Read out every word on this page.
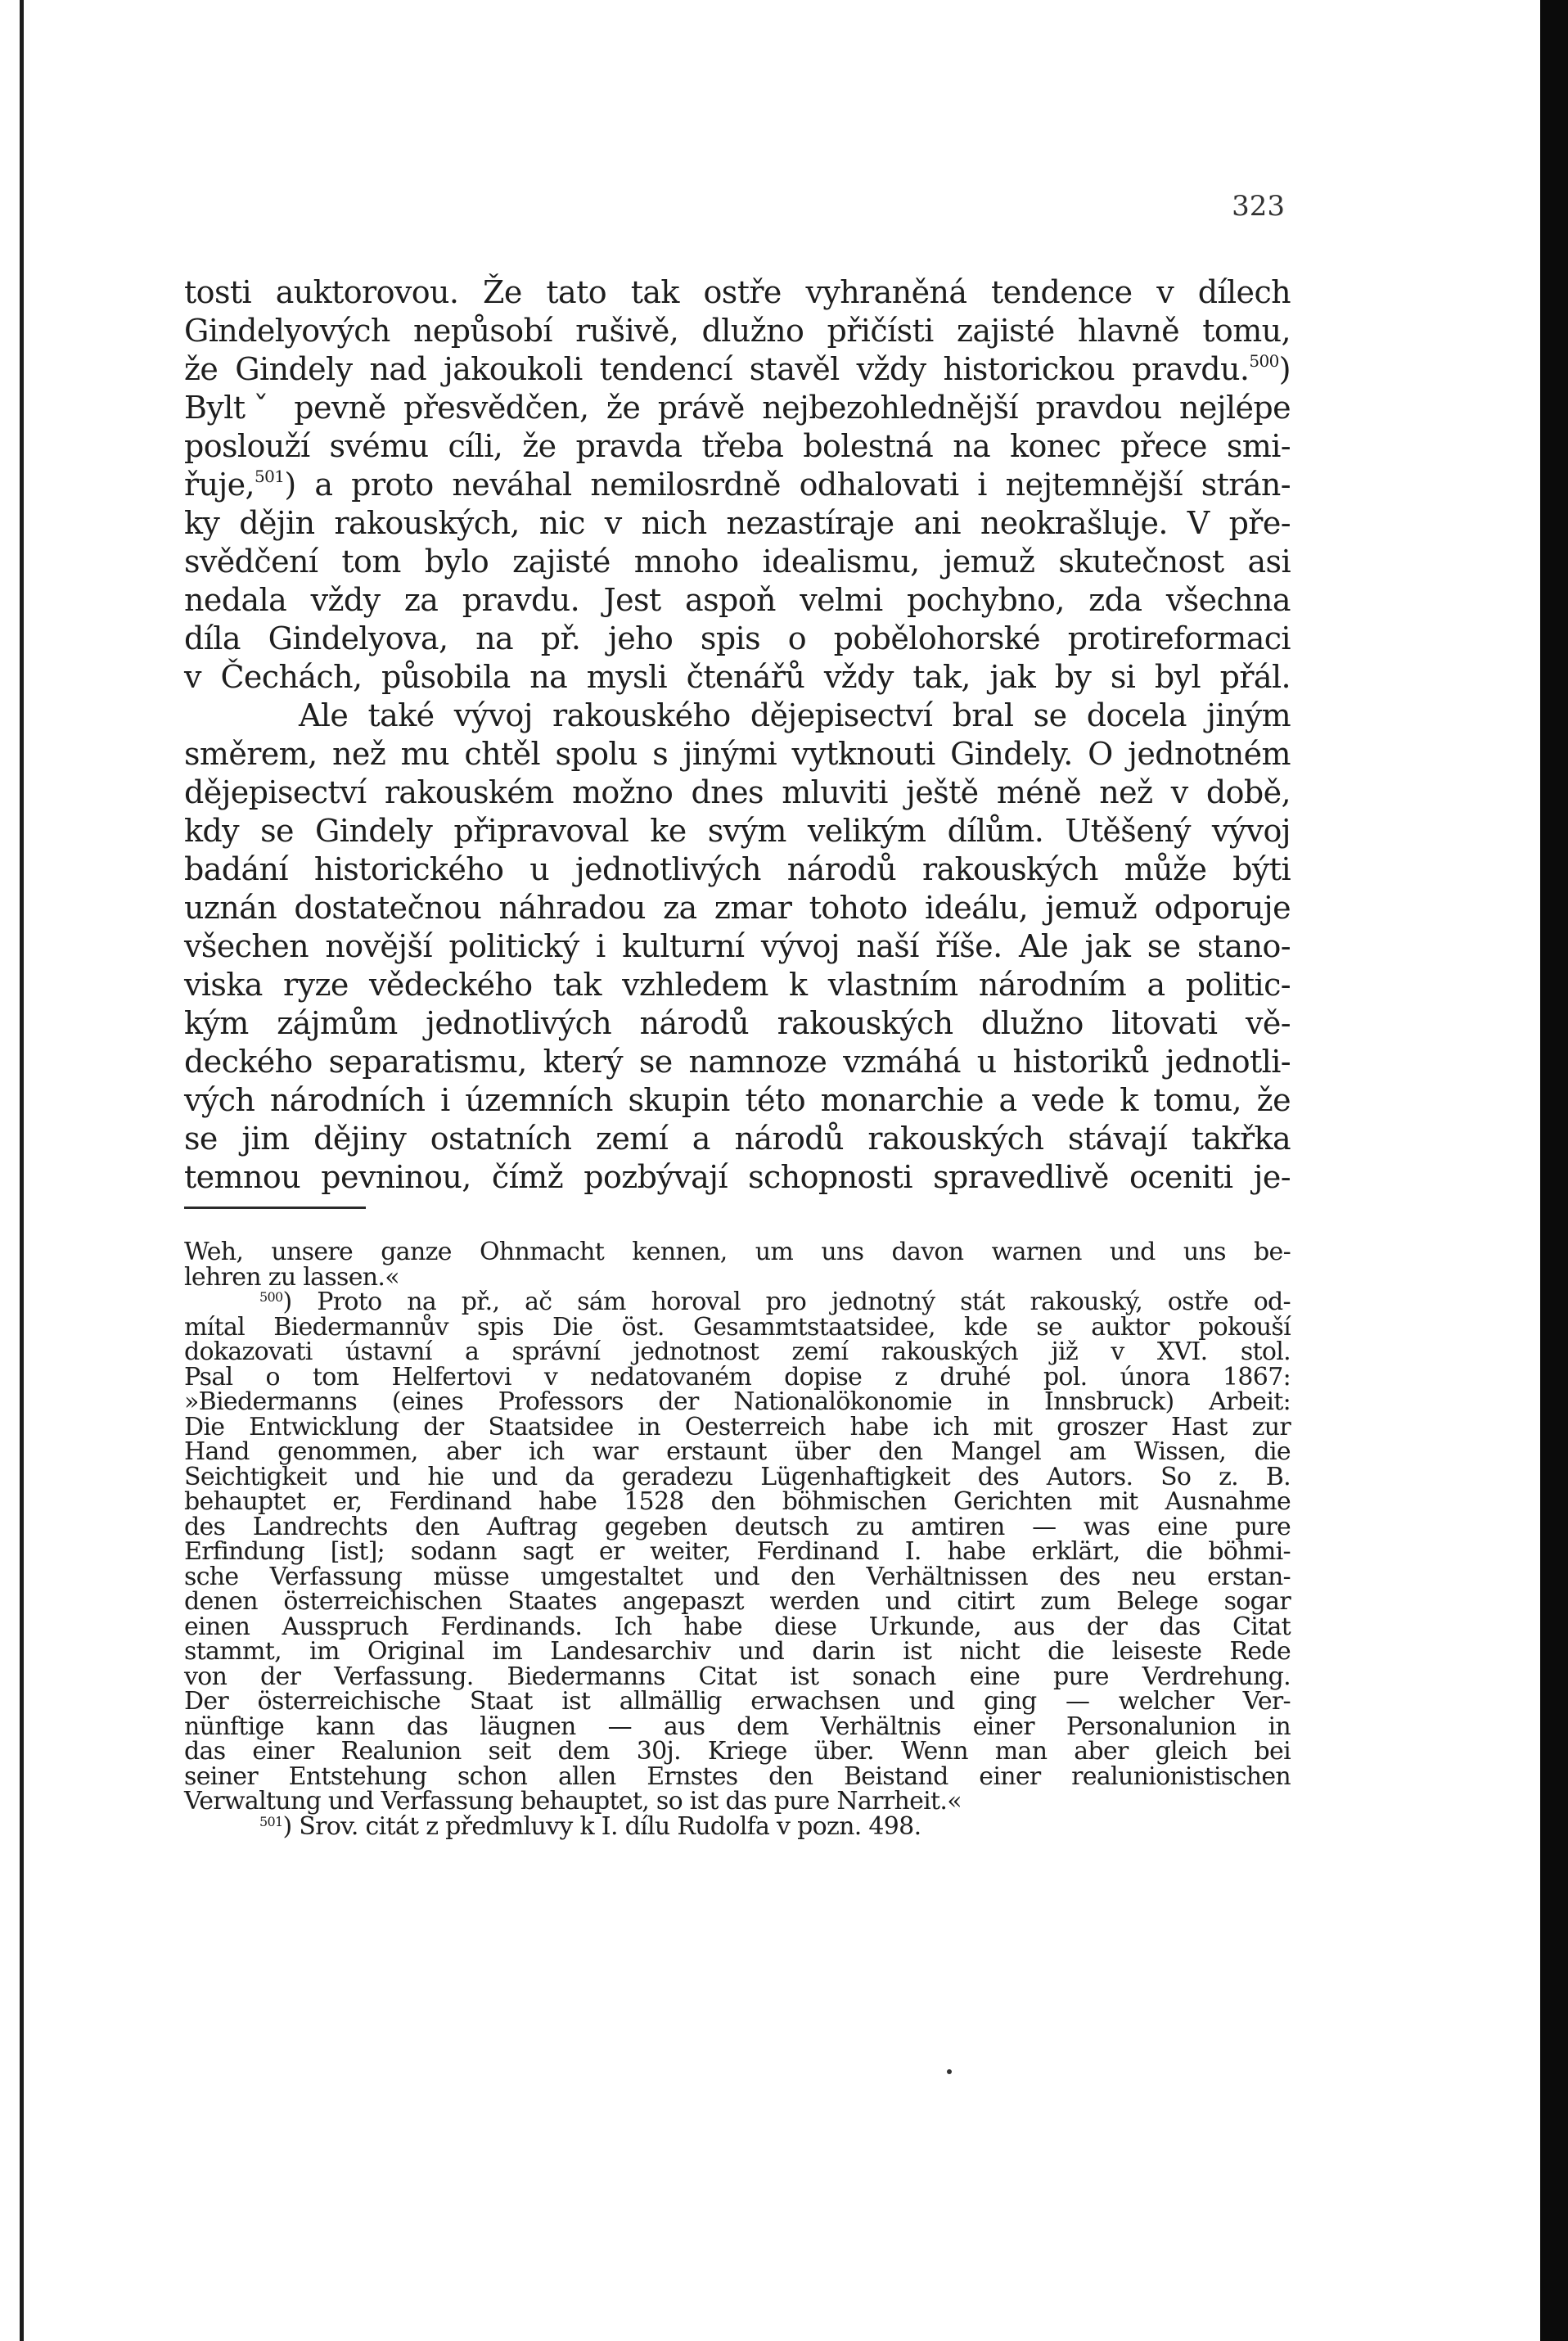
323
tosti auktorovou. Že tato tak ostře vyhraněná tendence v dílech
Gindelyových nepůsobí rušivě, dlužno přičísti zajisté hlavně tomu,
že Gindely nad jakoukoli tendencí stavěl vždy historickou pravdu.$^{500}$)
Byltˇ pevně přesvědčen, že právě nejbezohlednější pravdou nejlépe
poslouží svému cíli, že pravda třeba bolestná na konec přece smi-
řuje,$^{501}$) a proto neváhal nemilosrdně odhalovati i nejtemnější strán-
ky dějin rakouských, nic v nich nezastíraje ani neokrašluje. V pře-
svědčení tom bylo zajisté mnoho idealismu, jemuž skutečnost asi
nedala vždy za pravdu. Jest aspoň velmi pochybno, zda všechna
díla Gindelyova, na př. jeho spis o pobělohorské protireformaci
v Čechách, působila na mysli čtenářů vždy tak, jak by si byl přál.
Ale také vývoj rakouského dějepisectví bral se docela jiným
směrem, než mu chtěl spolu s jinými vytknouti Gindely. O jednotném
dějepisectví rakouském možno dnes mluviti ještě méně než v době,
kdy se Gindely připravoval ke svým velikým dílům. Utěšený vývoj
badání historického u jednotlivých národů rakouských může býti
uznán dostatečnou náhradou za zmar tohoto ideálu, jemuž odporuje
všechen novější politický i kulturní vývoj naší říše. Ale jak se stano-
viska ryze vědeckého tak vzhledem k vlastním národním a politic-
kým zájmům jednotlivých národů rakouských dlužno litovati vě-
deckého separatismu, který se namnoze vzmáhá u historiků jednotli-
vých národních i územních skupin této monarchie a vede k tomu, že
se jim dějiny ostatních zemí a národů rakouských stávají takřka
temnou pevninou, čímž pozbývají schopnosti spravedlivě oceniti je-
Weh, unsere ganze Ohnmacht kennen, um uns davon warnen und uns be-
lehren zu lassen.«
$^{500}$) Proto na př., ač sám horoval pro jednotný stát rakouský, ostře od-
mítal Biedermannův spis Die öst. Gesammtstaatsidee, kde se auktor pokouší
dokazovati ústavní a správní jednotnost zemí rakouských již v XVI. stol.
Psal o tom Helfertovi v nedatovaném dopise z druhé pol. února 1867:
»Biedermanns (eines Professors der Nationalökonomie in Innsbruck) Arbeit:
Die Entwicklung der Staatsidee in Oesterreich habe ich mit groszer Hast zur
Hand genommen, aber ich war erstaunt über den Mangel am Wissen, die
Seichtigkeit und hie und da geradezu Lügenhaftigkeit des Autors. So z. B.
behauptet er, Ferdinand habe 1528 den böhmischen Gerichten mit Ausnahme
des Landrechts den Auftrag gegeben deutsch zu amtiren — was eine pure
Erfindung [ist]; sodann sagt er weiter, Ferdinand I. habe erklärt, die böhmi-
sche Verfassung müsse umgestaltet und den Verhältnissen des neu erstan-
denen österreichischen Staates angepaszt werden und citirt zum Belege sogar
einen Ausspruch Ferdinands. Ich habe diese Urkunde, aus der das Citat
stammt, im Original im Landesarchiv und darin ist nicht die leiseste Rede
von der Verfassung. Biedermanns Citat ist sonach eine pure Verdrehung.
Der österreichische Staat ist allmällig erwachsen und ging — welcher Ver-
nünftige kann das läugnen — aus dem Verhältnis einer Personalunion in
das einer Realunion seit dem 30j. Kriege über. Wenn man aber gleich bei
seiner Entstehung schon allen Ernstes den Beistand einer realunionistischen
Verwaltung und Verfassung behauptet, so ist das pure Narrheit.«
$^{501}$) Srov. citát z předmluvy k I. dílu Rudolfa v pozn. 498.
